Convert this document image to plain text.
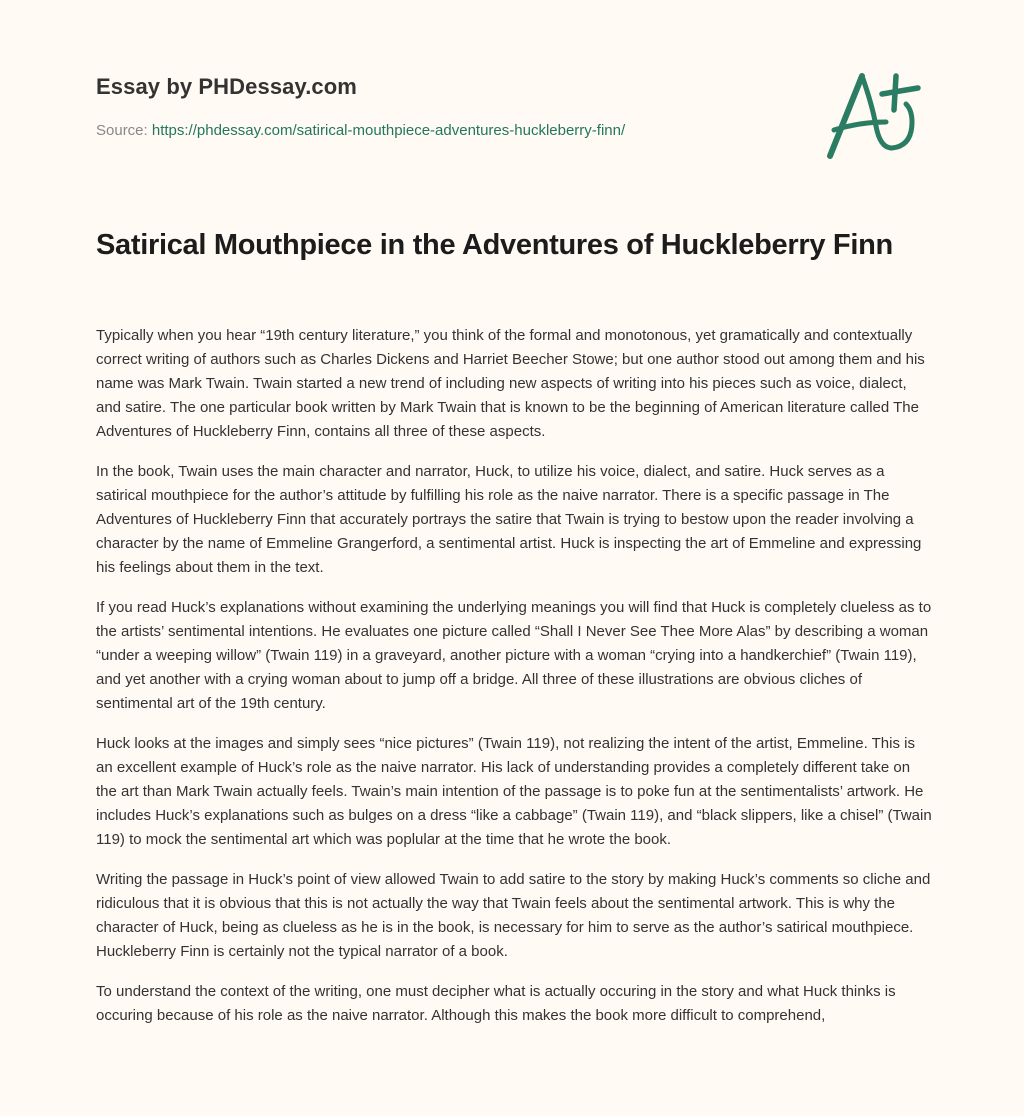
Essay by PHDessay.com
Source: https://phdessay.com/satirical-mouthpiece-adventures-huckleberry-finn/
Satirical Mouthpiece in the Adventures of Huckleberry Finn

Typically when you hear “19th century literature,” you think of the formal and monotonous, yet gramatically and contextually correct writing of authors such as Charles Dickens and Harriet Beecher Stowe; but one author stood out among them and his name was Mark Twain. Twain started a new trend of including new aspects of writing into his pieces such as voice, dialect, and satire. The one particular book written by Mark Twain that is known to be the beginning of American literature called The Adventures of Huckleberry Finn, contains all three of these aspects.

In the book, Twain uses the main character and narrator, Huck, to utilize his voice, dialect, and satire. Huck serves as a satirical mouthpiece for the author’s attitude by fulfilling his role as the naive narrator. There is a specific passage in The Adventures of Huckleberry Finn that accurately portrays the satire that Twain is trying to bestow upon the reader involving a character by the name of Emmeline Grangerford, a sentimental artist. Huck is inspecting the art of Emmeline and expressing his feelings about them in the text.

If you read Huck’s explanations without examining the underlying meanings you will find that Huck is completely clueless as to the artists’ sentimental intentions. He evaluates one picture called “Shall I Never See Thee More Alas” by describing a woman “under a weeping willow” (Twain 119) in a graveyard, another picture with a woman “crying into a handkerchief” (Twain 119), and yet another with a crying woman about to jump off a bridge. All three of these illustrations are obvious cliches of sentimental art of the 19th century.

Huck looks at the images and simply sees “nice pictures” (Twain 119), not realizing the intent of the artist, Emmeline. This is an excellent example of Huck’s role as the naive narrator. His lack of understanding provides a completely different take on the art than Mark Twain actually feels. Twain’s main intention of the passage is to poke fun at the sentimentalists’ artwork. He includes Huck’s explanations such as bulges on a dress “like a cabbage” (Twain 119), and “black slippers, like a chisel” (Twain 119) to mock the sentimental art which was poplular at the time that he wrote the book.

Writing the passage in Huck’s point of view allowed Twain to add satire to the story by making Huck’s comments so cliche and ridiculous that it is obvious that this is not actually the way that Twain feels about the sentimental artwork. This is why the character of Huck, being as clueless as he is in the book, is necessary for him to serve as the author’s satirical mouthpiece. Huckleberry Finn is certainly not the typical narrator of a book.

To understand the context of the writing, one must decipher what is actually occuring in the story and what Huck thinks is occuring because of his role as the naive narrator. Although this makes the book more difficult to comprehend,
